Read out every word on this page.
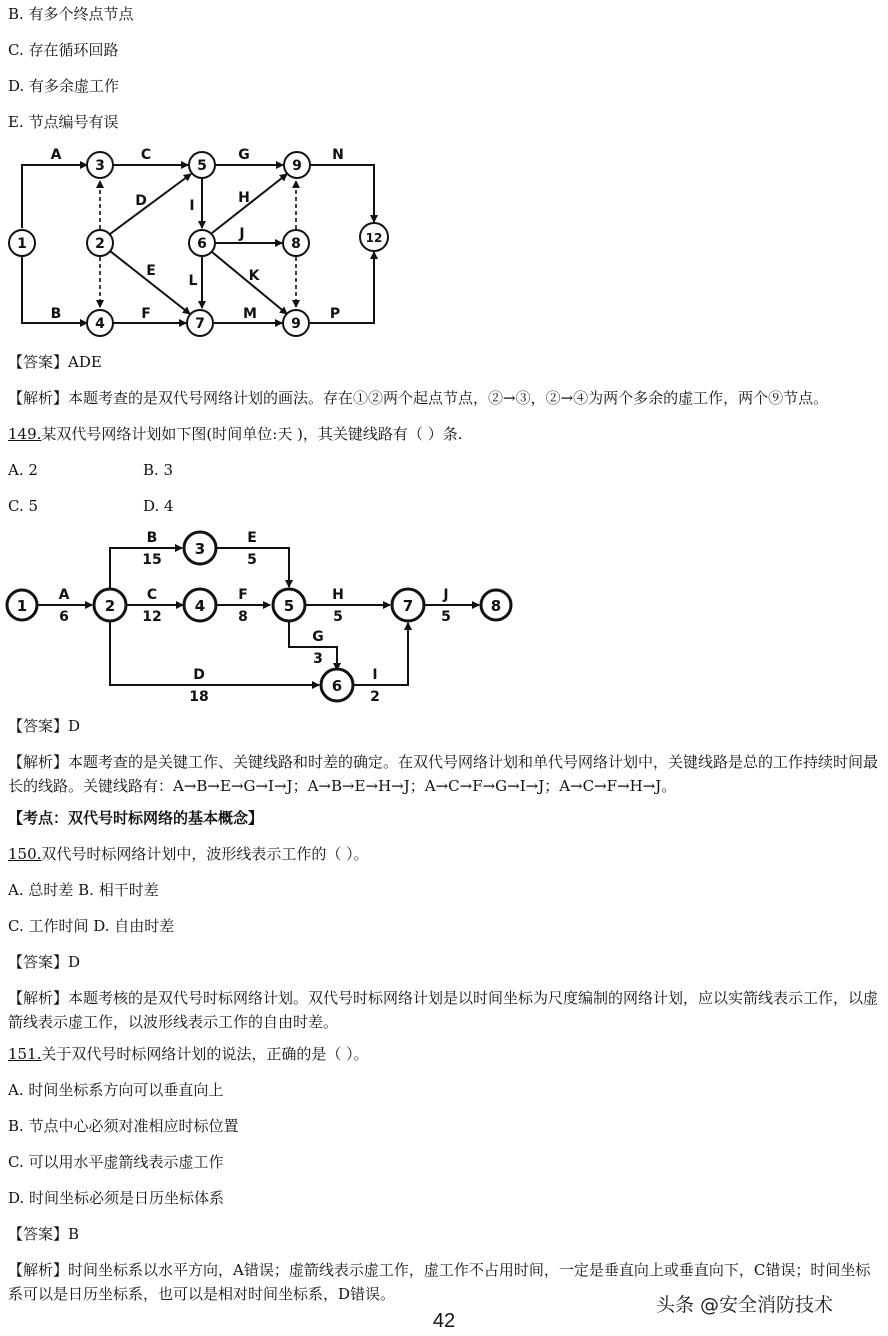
B. 有多个终点节点
C. 存在循环回路
D. 有多余虚工作
E. 节点编号有误
1
3
2
4
5
6
7
9
8
9
12
A
B
C
D
E
F
G
H
I
J
K
L
M
N
P
【答案】ADE
【解析】本题考查的是双代号网络计划的画法。存在①②两个起点节点，②→③，②→④为两个多余的虚工作，两个⑨节点。
149.某双代号网络计划如下图(时间单位:天 )，其关键线路有（ ）条.
A. 2	B. 3
C. 5	D. 4
1	2
3
4	5
6
7	8
A
6
B
15
C
12
D
18
E
5
F
8
G
3
H
5
I
2
J
5
【答案】D
【解析】本题考查的是关键工作、关键线路和时差的确定。在双代号网络计划和单代号网络计划中，关键线路是总的工作持续时间最长的线路。关键线路有：A→B→E→G→I→J；A→B→E→H→J；A→C→F→G→I→J；A→C→F→H→J。
【考点：双代号时标网络的基本概念】
150.双代号时标网络计划中，波形线表示工作的（ ）。
A. 总时差 B. 相干时差
C. 工作时间 D. 自由时差
【答案】D
【解析】本题考核的是双代号时标网络计划。双代号时标网络计划是以时间坐标为尺度编制的网络计划，应以实箭线表示工作，以虚箭线表示虚工作，以波形线表示工作的自由时差。
151.关于双代号时标网络计划的说法，正确的是（ ）。
A. 时间坐标系方向可以垂直向上
B. 节点中心必须对准相应时标位置
C. 可以用水平虚箭线表示虚工作
D. 时间坐标必须是日历坐标体系
【答案】B
【解析】时间坐标系以水平方向，A错误；虚箭线表示虚工作，虚工作不占用时间，一定是垂直向上或垂直向下，C错误；时间坐标系可以是日历坐标系，也可以是相对时间坐标系，D错误。
42
头条 @安全消防技术
